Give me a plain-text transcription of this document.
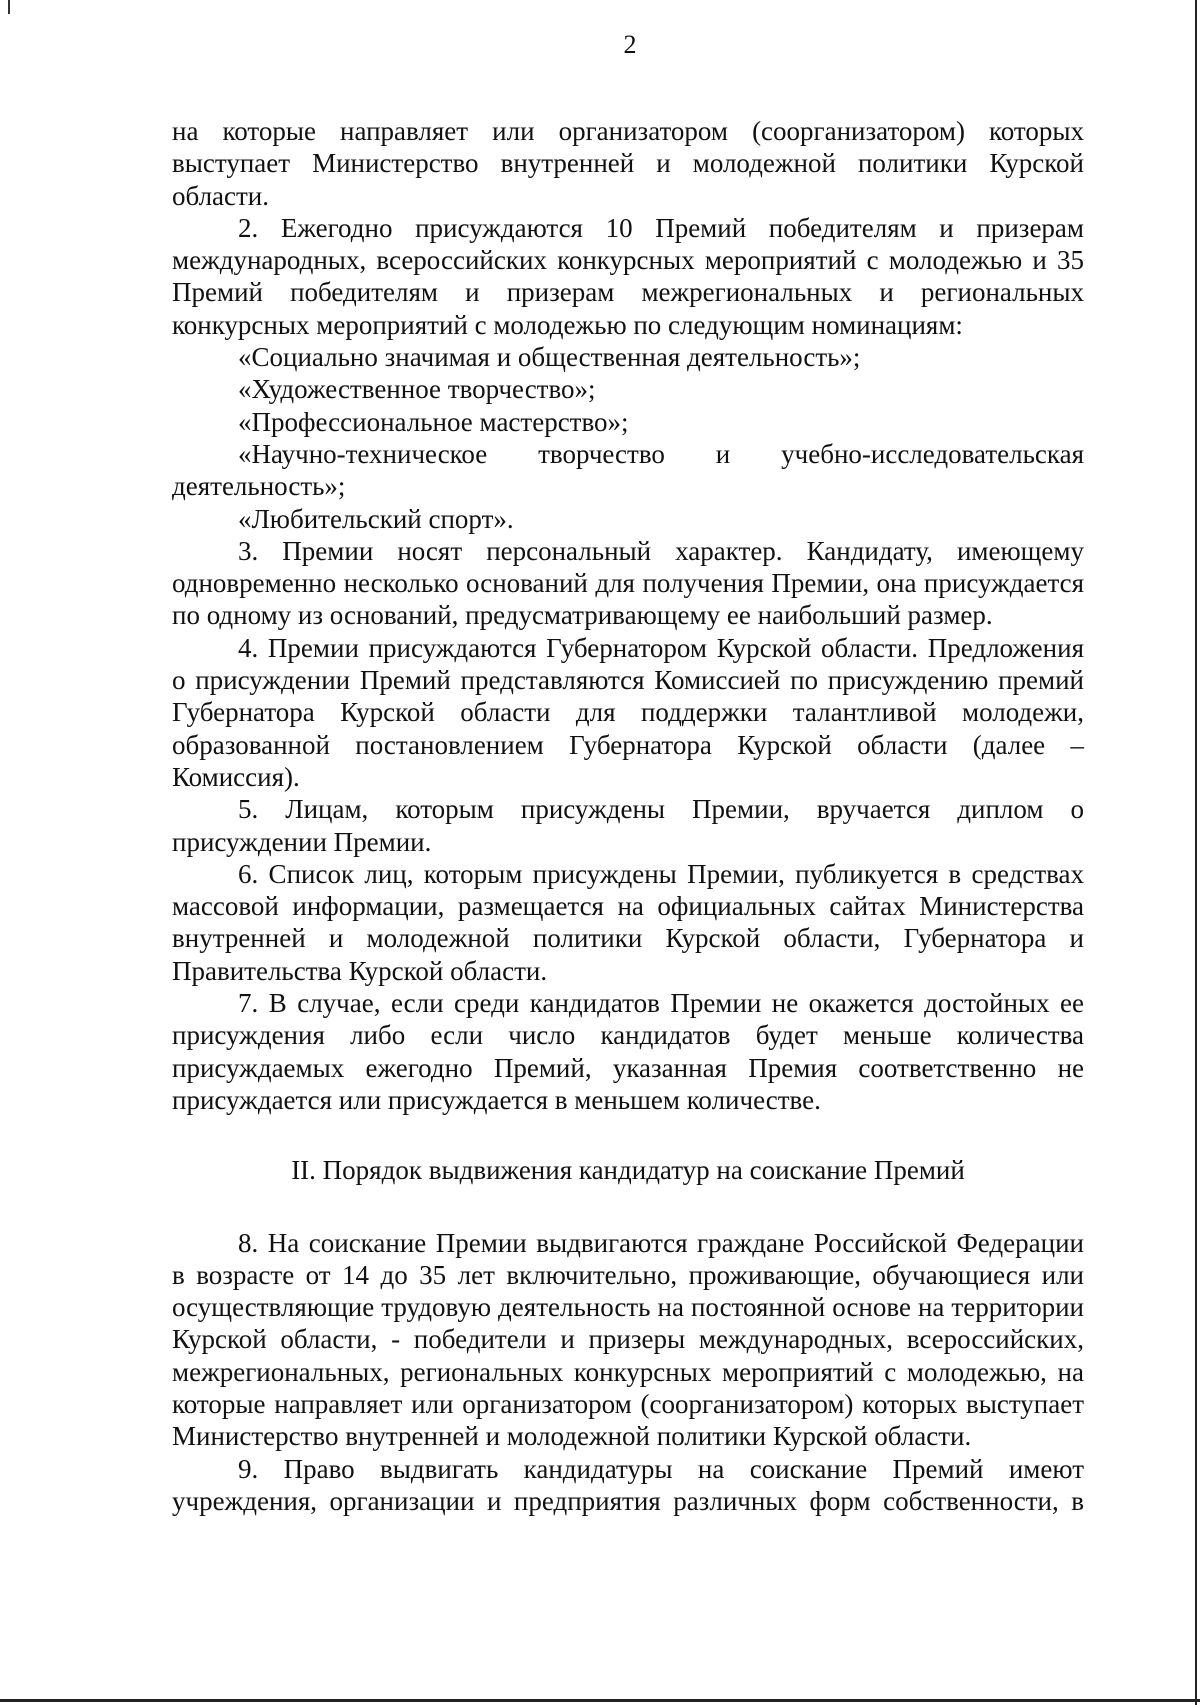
2

на которые направляет или организатором (соорганизатором) которых выступает Министерство внутренней и молодежной политики Курской области.

2. Ежегодно присуждаются 10 Премий победителям и призерам международных, всероссийских конкурсных мероприятий с молодежью и 35 Премий победителям и призерам межрегиональных и региональных конкурсных мероприятий с молодежью по следующим номинациям:

«Социально значимая и общественная деятельность»;

«Художественное творчество»;

«Профессиональное мастерство»;

«Научно-техническое творчество и учебно-исследовательская деятельность»;

«Любительский спорт».

3. Премии носят персональный характер. Кандидату, имеющему одновременно несколько оснований для получения Премии, она присуждается по одному из оснований, предусматривающему ее наибольший размер.

4. Премии присуждаются Губернатором Курской области. Предложения о присуждении Премий представляются Комиссией по присуждению премий Губернатора Курской области для поддержки талантливой молодежи, образованной постановлением Губернатора Курской области (далее – Комиссия).

5. Лицам, которым присуждены Премии, вручается диплом о присуждении Премии.

6. Список лиц, которым присуждены Премии, публикуется в средствах массовой информации, размещается на официальных сайтах Министерства внутренней и молодежной политики Курской области, Губернатора и Правительства Курской области.

7. В случае, если среди кандидатов Премии не окажется достойных ее присуждения либо если число кандидатов будет меньше количества присуждаемых ежегодно Премий, указанная Премия соответственно не присуждается или присуждается в меньшем количестве.

II. Порядок выдвижения кандидатур на соискание Премий

8. На соискание Премии выдвигаются граждане Российской Федерации в возрасте от 14 до 35 лет включительно, проживающие, обучающиеся или осуществляющие трудовую деятельность на постоянной основе на территории Курской области, - победители и призеры международных, всероссийских, межрегиональных, региональных конкурсных мероприятий с молодежью, на которые направляет или организатором (соорганизатором) которых выступает Министерство внутренней и молодежной политики Курской области.

9. Право выдвигать кандидатуры на соискание Премий имеют учреждения, организации и предприятия различных форм собственности, в
